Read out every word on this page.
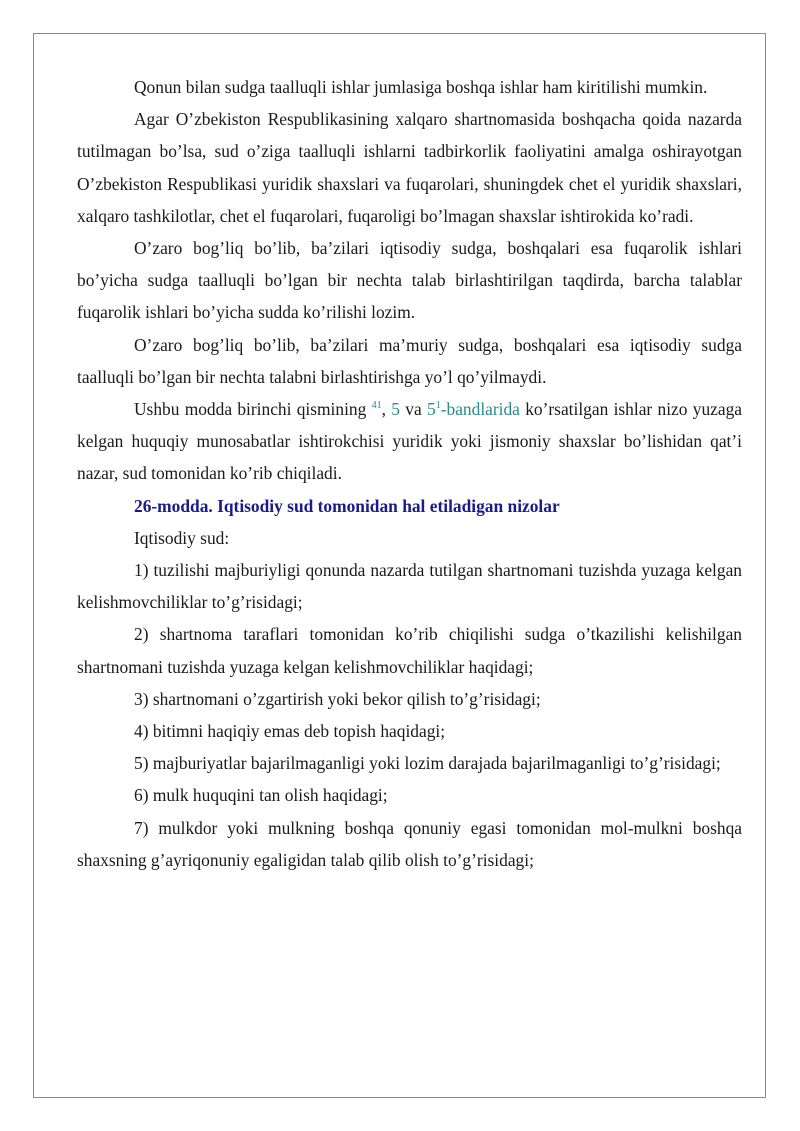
Qonun bilan sudga taalluqli ishlar jumlasiga boshqa ishlar ham kiritilishi mumkin.

Agar O’zbekiston Respublikasining xalqaro shartnomasida boshqacha qoida nazarda tutilmagan bo’lsa, sud o’ziga taalluqli ishlarni tadbirkorlik faoliyatini amalga oshirayotgan O’zbekiston Respublikasi yuridik shaxslari va fuqarolari, shuningdek chet el yuridik shaxslari, xalqaro tashkilotlar, chet el fuqarolari, fuqaroligi bo’lmagan shaxslar ishtirokida ko’radi.

O’zaro bog’liq bo’lib, ba’zilari iqtisodiy sudga, boshqalari esa fuqarolik ishlari bo’yicha sudga taalluqli bo’lgan bir nechta talab birlashtirilgan taqdirda, barcha talablar fuqarolik ishlari bo’yicha sudda ko’rilishi lozim.

O’zaro bog’liq bo’lib, ba’zilari ma’muriy sudga, boshqalari esa iqtisodiy sudga taalluqli bo’lgan bir nechta talabni birlashtirishga yo’l qo’yilmaydi.

Ushbu modda birinchi qismining $^{41}$, 5 va $5^1$-bandlarida ko’rsatilgan ishlar nizo yuzaga kelgan huquqiy munosabatlar ishtirokchisi yuridik yoki jismoniy shaxslar bo’lishidan qat’i nazar, sud tomonidan ko’rib chiqiladi.

26-modda. Iqtisodiy sud tomonidan hal etiladigan nizolar

Iqtisodiy sud:

1) tuzilishi majburiyligi qonunda nazarda tutilgan shartnomani tuzishda yuzaga kelgan kelishmovchiliklar to’g’risidagi;

2) shartnoma taraflari tomonidan ko’rib chiqilishi sudga o’tkazilishi kelishilgan shartnomani tuzishda yuzaga kelgan kelishmovchiliklar haqidagi;

3) shartnomani o’zgartirish yoki bekor qilish to’g’risidagi;

4) bitimni haqiqiy emas deb topish haqidagi;

5) majburiyatlar bajarilmaganligi yoki lozim darajada bajarilmaganligi to’g’risidagi;

6) mulk huquqini tan olish haqidagi;

7) mulkdor yoki mulkning boshqa qonuniy egasi tomonidan mol-mulkni boshqa shaxsning g’ayriqonuniy egaligidan talab qilib olish to’g’risidagi;
